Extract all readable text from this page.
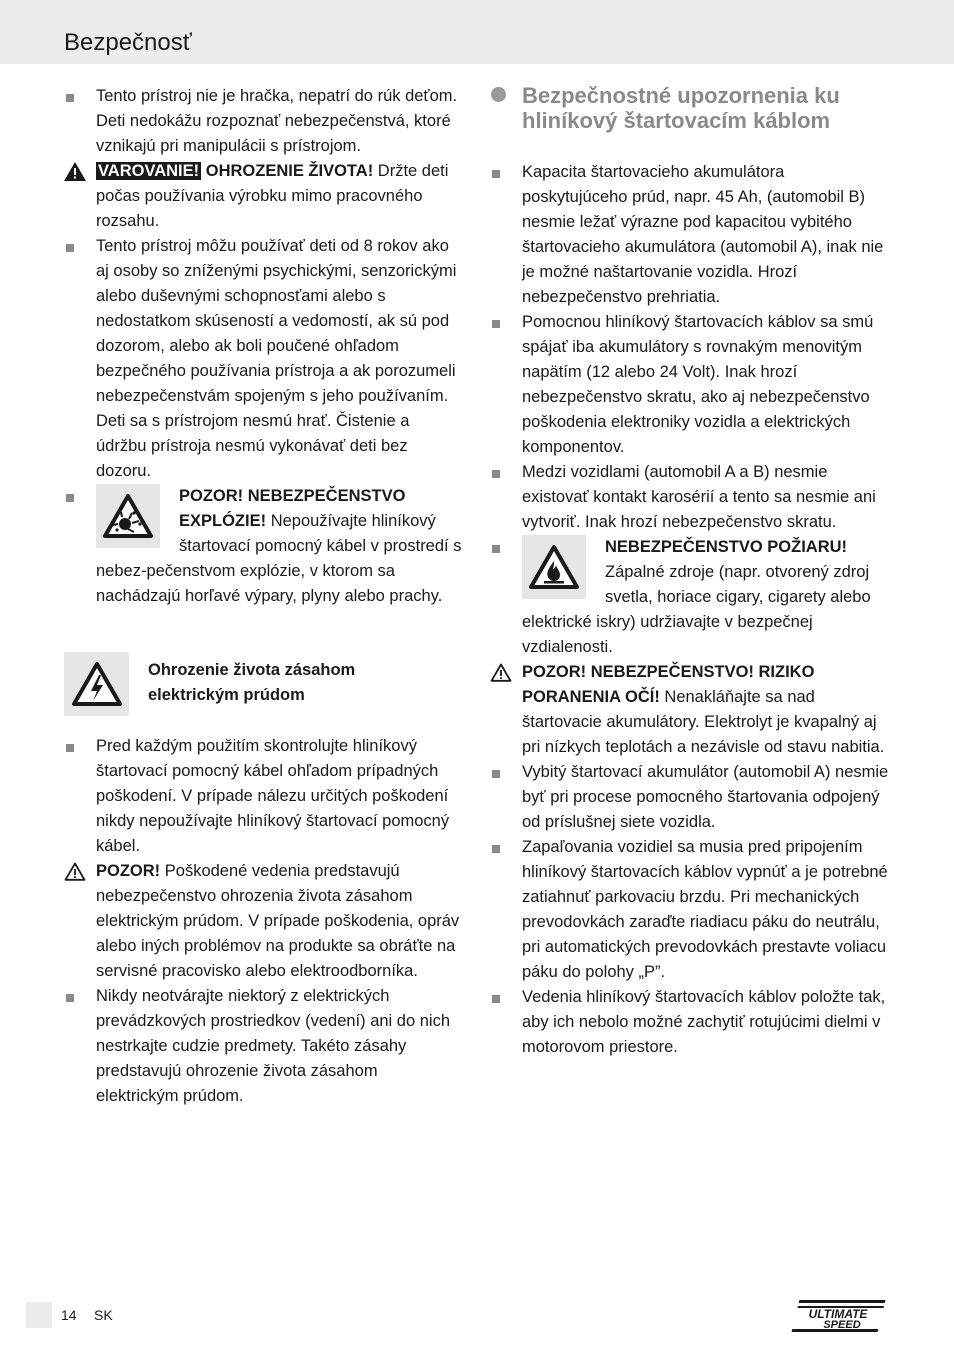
Bezpečnosť
Tento prístroj nie je hračka, nepatrí do rúk deťom. Deti nedokážu rozpoznať nebezpečenstvá, ktoré vznikajú pri manipulácii s prístrojom.
VAROVANIE! OHROZENIE ŽIVOTA! Držte deti počas používania výrobku mimo pracovného rozsahu.
Tento prístroj môžu používať deti od 8 rokov ako aj osoby so zníženými psychickými, senzorickými alebo duševnými schopnosťami alebo s nedostatkom skúseností a vedomostí, ak sú pod dozorom, alebo ak boli poučené ohľadom bezpečného používania prístroja a ak porozumeli nebezpečenstvám spojeným s jeho používaním. Deti sa s prístrojom nesmú hrať. Čistenie a údržbu prístroja nesmú vykonávať deti bez dozoru.
POZOR! NEBEZPEČENSTVO EXPLÓZIE! Nepoužívajte hliníkový štartovací pomocný kábel v prostredí s nebez-pečenstvom explózie, v ktorom sa nachádzajú horľavé výpary, plyny alebo prachy.
Ohrozenie života zásahom elektrickým prúdom
Pred každým použitím skontrolujte hliníkový štartovací pomocný kábel ohľadom prípadných poškodení. V prípade nálezu určitých poškodení nikdy nepoužívajte hliníkový štartovací pomocný kábel.
POZOR! Poškodené vedenia predstavujú nebezpečenstvo ohrozenia života zásahom elektrickým prúdom. V prípade poškodenia, opráv alebo iných problémov na produkte sa obráťte na servisné pracovisko alebo elektroodborníka.
Nikdy neotvárajte niektorý z elektrických prevádzkových prostriedkov (vedení) ani do nich nestrkajte cudzie predmety. Takéto zásahy predstavujú ohrozenie života zásahom elektrickým prúdom.
Bezpečnostné upozornenia ku hliníkový štartovacím káblom
Kapacita štartovacieho akumulátora poskytujúceho prúd, napr. 45 Ah, (automobil B) nesmie ležať výrazne pod kapacitou vybitého štartovacieho akumulátora (automobil A), inak nie je možné naštartovanie vozidla. Hrozí nebezpečenstvo prehriatia.
Pomocnou hliníkový štartovacích káblov sa smú spájať iba akumulátory s rovnakým menovitým napätím (12 alebo 24 Volt). Inak hrozí nebezpečenstvo skratu, ako aj nebezpečenstvo poškodenia elektroniky vozidla a elektrických komponentov.
Medzi vozidlami (automobil A a B) nesmie existovať kontakt karosérií a tento sa nesmie ani vytvoriť. Inak hrozí nebezpečenstvo skratu.
NEBEZPEČENSTVO POŽIARU! Zápalné zdroje (napr. otvorený zdroj svetla, horiace cigary, cigarety alebo elektrické iskry) udržiavajte v bezpečnej vzdialenosti.
POZOR! NEBEZPEČENSTVO! RIZIKO PORANENIA OČÍ! Nenakláňajte sa nad štartovacie akumulátory. Elektrolyt je kvapalný aj pri nízkych teplotách a nezávisle od stavu nabitia.
Vybitý štartovací akumulátor (automobil A) nesmie byť pri procese pomocného štartovania odpojený od príslušnej siete vozidla.
Zapaľovania vozidiel sa musia pred pripojením hliníkový štartovacích káblov vypnúť a je potrebné zatiahnuť parkovaciu brzdu. Pri mechanických prevodovkách zaraďte riadiacu páku do neutrálu, pri automatických prevodovkách prestavte voliacu páku do polohy „P”.
Vedenia hliníkový štartovacích káblov položte tak, aby ich nebolo možné zachytiť rotujúcimi dielmi v motorovom priestore.
14 SK	ULTIMATE
SPEED
